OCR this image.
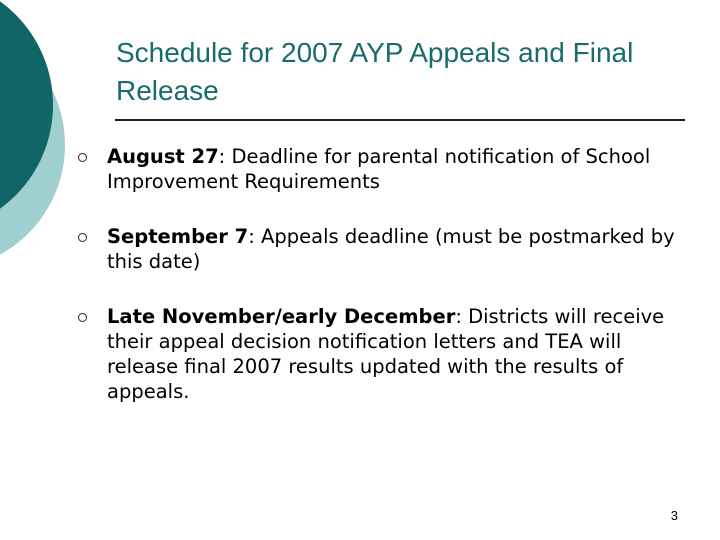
Schedule for 2007 AYP Appeals and Final Release
August 27: Deadline for parental notification of School Improvement Requirements
September 7: Appeals deadline (must be postmarked by this date)
Late November/early December: Districts will receive their appeal decision notification letters and TEA will release final 2007 results updated with the results of appeals.
3
